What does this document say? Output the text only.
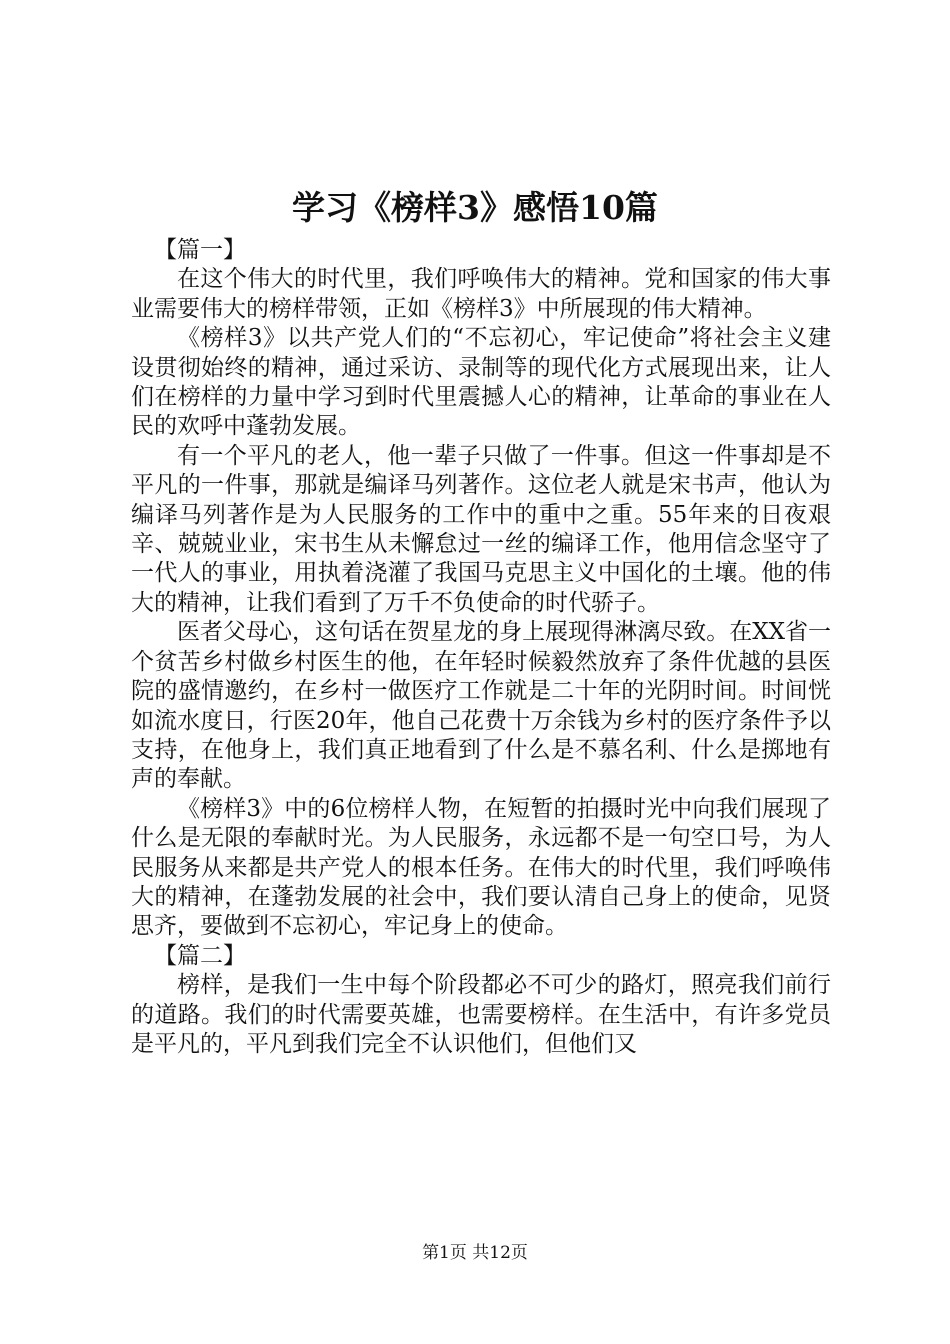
学习《榜样3》感悟10篇

【篇一】

在这个伟大的时代里，我们呼唤伟大的精神。党和国家的伟大事业需要伟大的榜样带领，正如《榜样3》中所展现的伟大精神。

《榜样3》以共产党人们的“不忘初心，牢记使命”将社会主义建设贯彻始终的精神，通过采访、录制等的现代化方式展现出来，让人们在榜样的力量中学习到时代里震撼人心的精神，让革命的事业在人民的欢呼中蓬勃发展。

有一个平凡的老人，他一辈子只做了一件事。但这一件事却是不平凡的一件事，那就是编译马列著作。这位老人就是宋书声，他认为编译马列著作是为人民服务的工作中的重中之重。55年来的日夜艰辛、兢兢业业，宋书生从未懈怠过一丝的编译工作，他用信念坚守了一代人的事业，用执着浇灌了我国马克思主义中国化的土壤。他的伟大的精神，让我们看到了万千不负使命的时代骄子。

医者父母心，这句话在贺星龙的身上展现得淋漓尽致。在XX省一个贫苦乡村做乡村医生的他，在年轻时候毅然放弃了条件优越的县医院的盛情邀约，在乡村一做医疗工作就是二十年的光阴时间。时间恍如流水度日，行医20年，他自己花费十万余钱为乡村的医疗条件予以支持，在他身上，我们真正地看到了什么是不慕名利、什么是掷地有声的奉献。

《榜样3》中的6位榜样人物，在短暂的拍摄时光中向我们展现了什么是无限的奉献时光。为人民服务，永远都不是一句空口号，为人民服务从来都是共产党人的根本任务。在伟大的时代里，我们呼唤伟大的精神，在蓬勃发展的社会中，我们要认清自己身上的使命，见贤思齐，要做到不忘初心，牢记身上的使命。

【篇二】

榜样，是我们一生中每个阶段都必不可少的路灯，照亮我们前行的道路。我们的时代需要英雄，也需要榜样。在生活中，有许多党员是平凡的，平凡到我们完全不认识他们，但他们又

第1页 共12页
